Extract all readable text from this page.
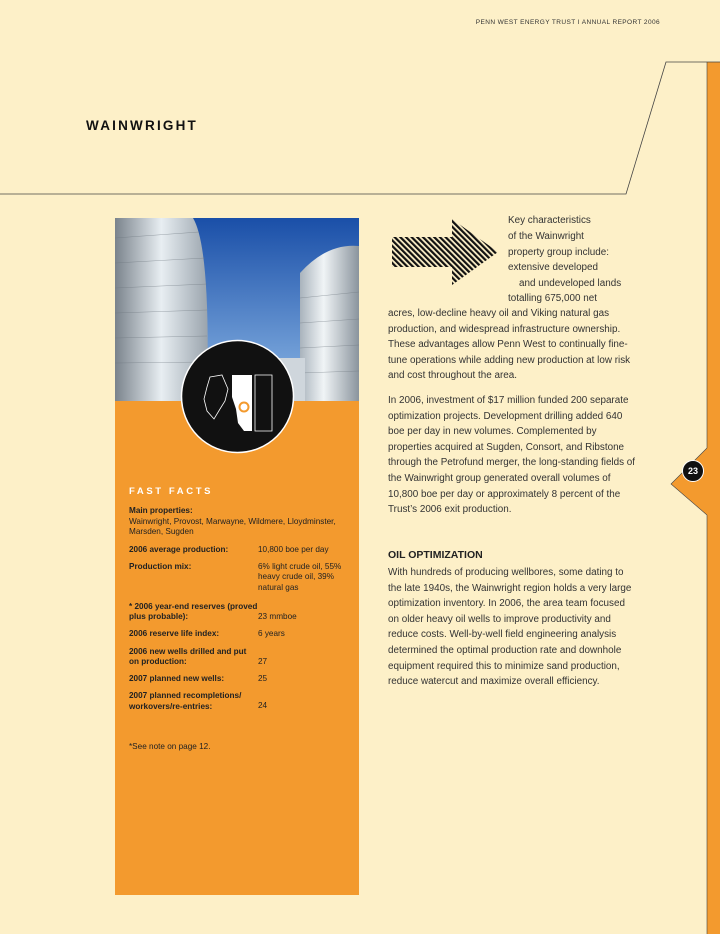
PENN WEST ENERGY TRUST I ANNUAL REPORT 2006
WAINWRIGHT
23
FAST FACTS
Main properties:
Wainwright, Provost, Marwayne, Wildmere, Lloydminster, Marsden, Sugden
2006 average production:	10,800 boe per day
Production mix:	6% light crude oil, 55% heavy crude oil, 39% natural gas
* 2006 year-end reserves (proved plus probable):	23 mmboe
2006 reserve life index:	6 years
2006 new wells drilled and put on production:	27
2007 planned new wells:	25
2007 planned recompletions/ workovers/re-entries:	24
*See note on page 12.
Key characteristics
of the Wainwright
property group include:
extensive developed
and undeveloped lands
totalling 675,000 net

acres, low-decline heavy oil and Viking natural gas production, and widespread infrastructure ownership. These advantages allow Penn West to continually fine-tune operations while adding new production at low risk and cost throughout the area.

In 2006, investment of $17 million funded 200 separate optimization projects. Development drilling added 640 boe per day in new volumes. Complemented by properties acquired at Sugden, Consort, and Ribstone through the Petrofund merger, the long-standing fields of the Wainwright group generated overall volumes of 10,800 boe per day or approximately 8 percent of the Trust’s 2006 exit production.

OIL OPTIMIZATION

With hundreds of producing wellbores, some dating to the late 1940s, the Wainwright region holds a very large optimization inventory. In 2006, the area team focused on older heavy oil wells to improve productivity and reduce costs. Well-by-well field engineering analysis determined the optimal production rate and downhole equipment required this to minimize sand production, reduce watercut and maximize overall efficiency.
